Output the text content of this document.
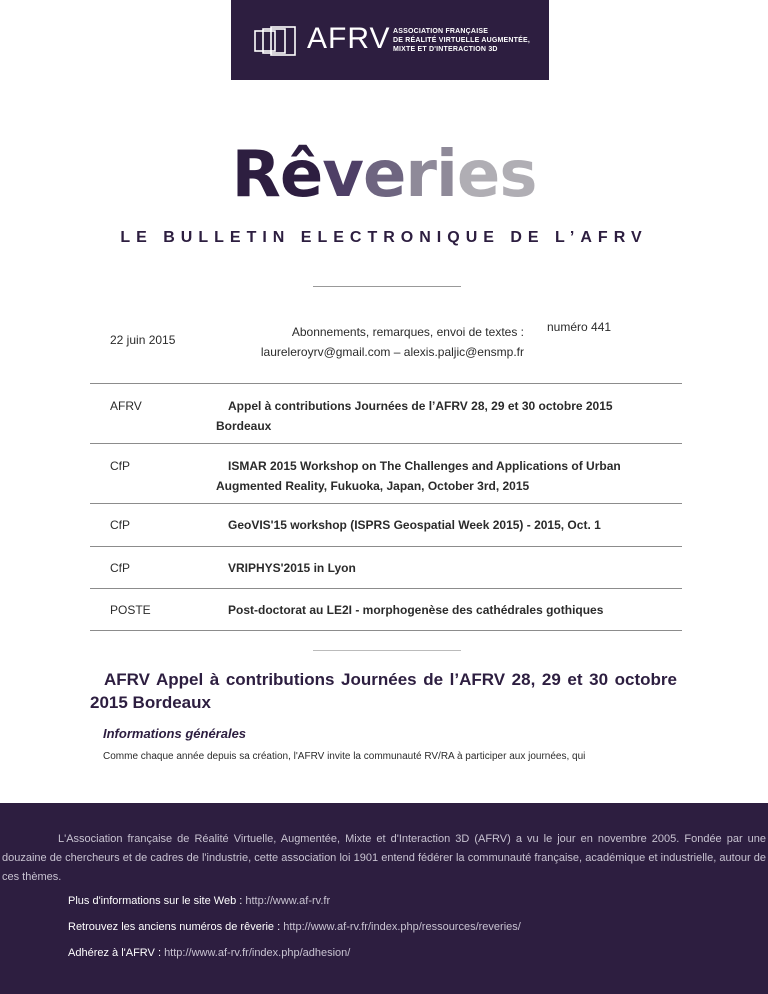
AFRV ASSOCIATION FRANÇAISE
DE RÉALITÉ VIRTUELLE AUGMENTÉE,
MIXTE ET D'INTERACTION 3D
Rêveries
LE BULLETIN ELECTRONIQUE DE L’AFRV
22 juin 2015
Abonnements, remarques, envoi de textes :
laureleroyrv@gmail.com – alexis.paljic@ensmp.fr
numéro 441
AFRV	Appel à contributions Journées de l’AFRV 28, 29 et 30 octobre 2015 Bordeaux
CfP	ISMAR 2015 Workshop on The Challenges and Applications of Urban Augmented Reality, Fukuoka, Japan, October 3rd, 2015
CfP	GeoVIS'15 workshop (ISPRS Geospatial Week 2015) - 2015, Oct. 1
CfP	VRIPHYS'2015 in Lyon
POSTE	Post-doctorat au LE2I - morphogenèse des cathédrales gothiques
AFRV Appel à contributions Journées de l’AFRV 28, 29 et 30 octobre 2015 Bordeaux
Informations générales
Comme chaque année depuis sa création, l'AFRV invite la communauté RV/RA à participer aux journées, qui
L'Association française de Réalité Virtuelle, Augmentée, Mixte et d'Interaction 3D (AFRV) a vu le jour en novembre 2005. Fondée par une douzaine de chercheurs et de cadres de l'industrie, cette association loi 1901 entend fédérer la communauté française, académique et industrielle, autour de ces thèmes.
Plus d'informations sur le site Web : http://www.af-rv.fr
Retrouvez les anciens numéros de rêverie : http://www.af-rv.fr/index.php/ressources/reveries/
Adhérez à l'AFRV : http://www.af-rv.fr/index.php/adhesion/
